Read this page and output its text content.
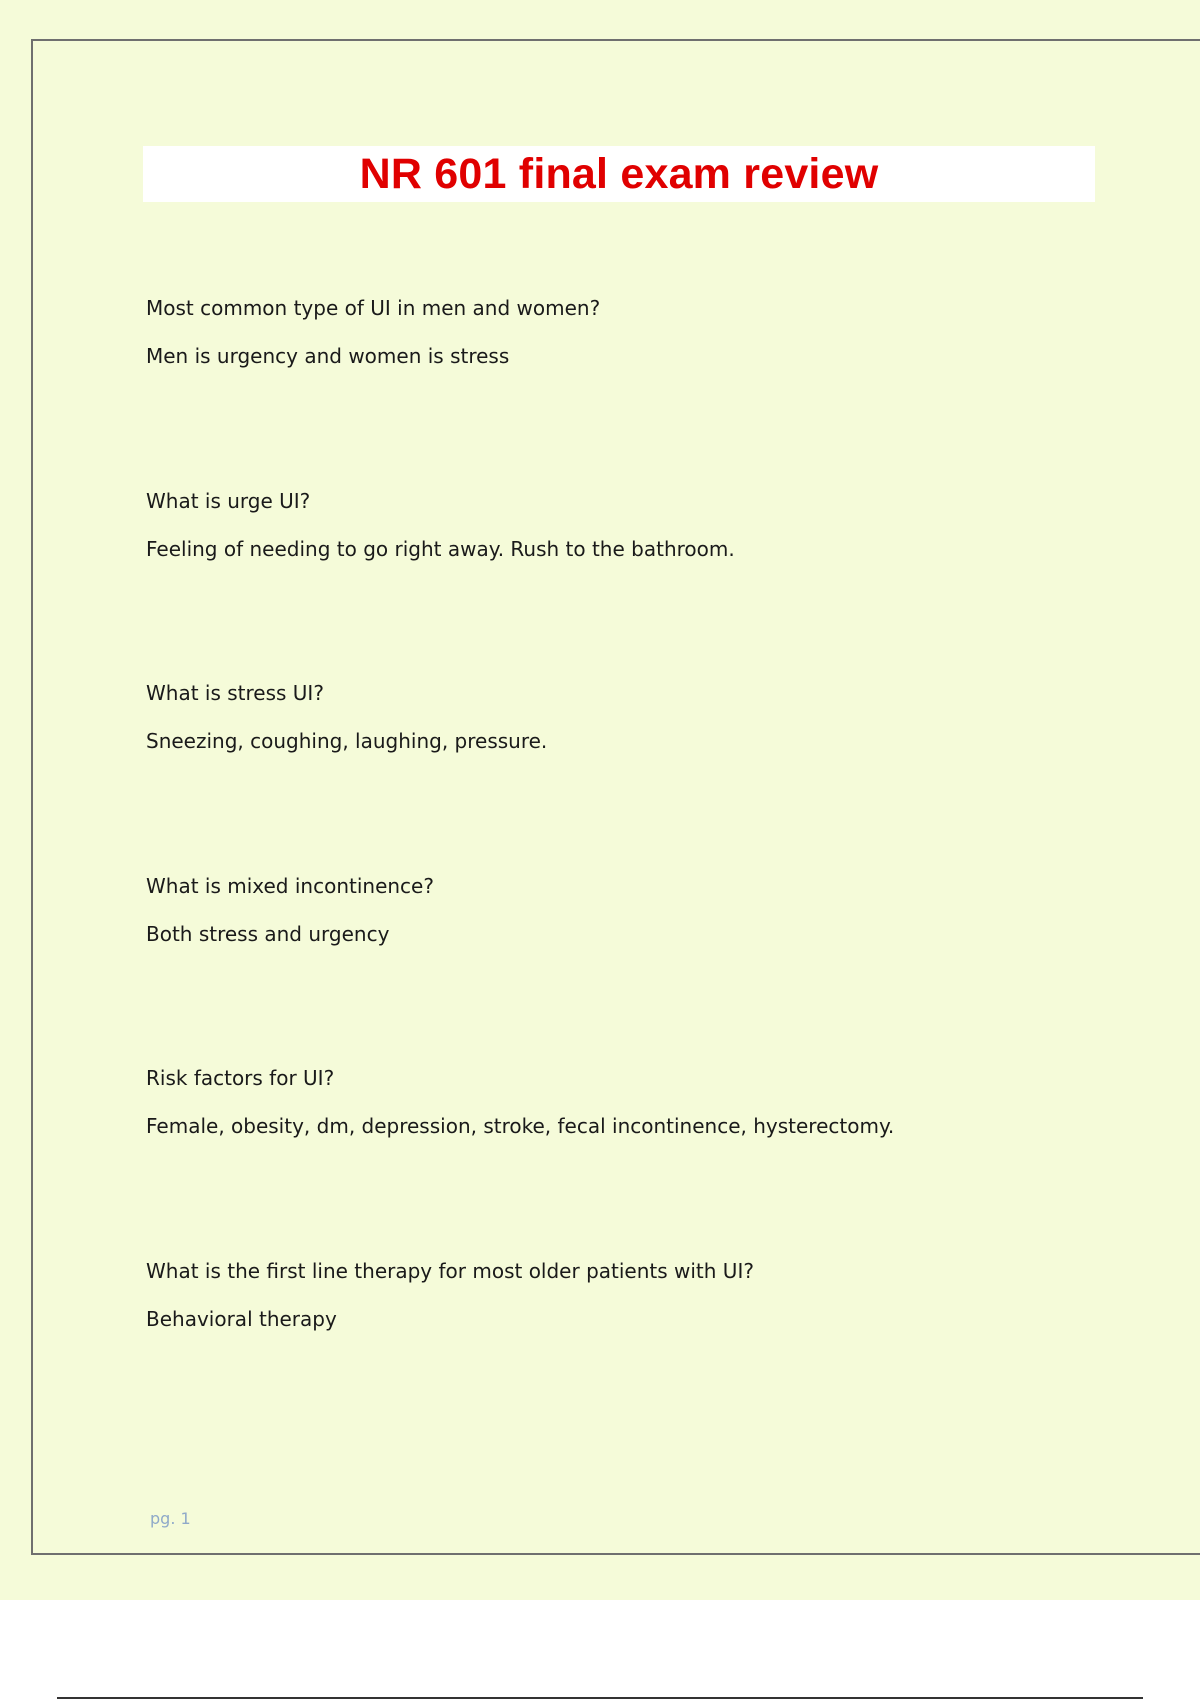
NR 601 final exam review
Most common type of UI in men and women?
Men is urgency and women is stress
What is urge UI?
Feeling of needing to go right away. Rush to the bathroom.
What is stress UI?
Sneezing, coughing, laughing, pressure.
What is mixed incontinence?
Both stress and urgency
Risk factors for UI?
Female, obesity, dm, depression, stroke, fecal incontinence, hysterectomy.
What is the first line therapy for most older patients with UI?
Behavioral therapy
pg. 1
